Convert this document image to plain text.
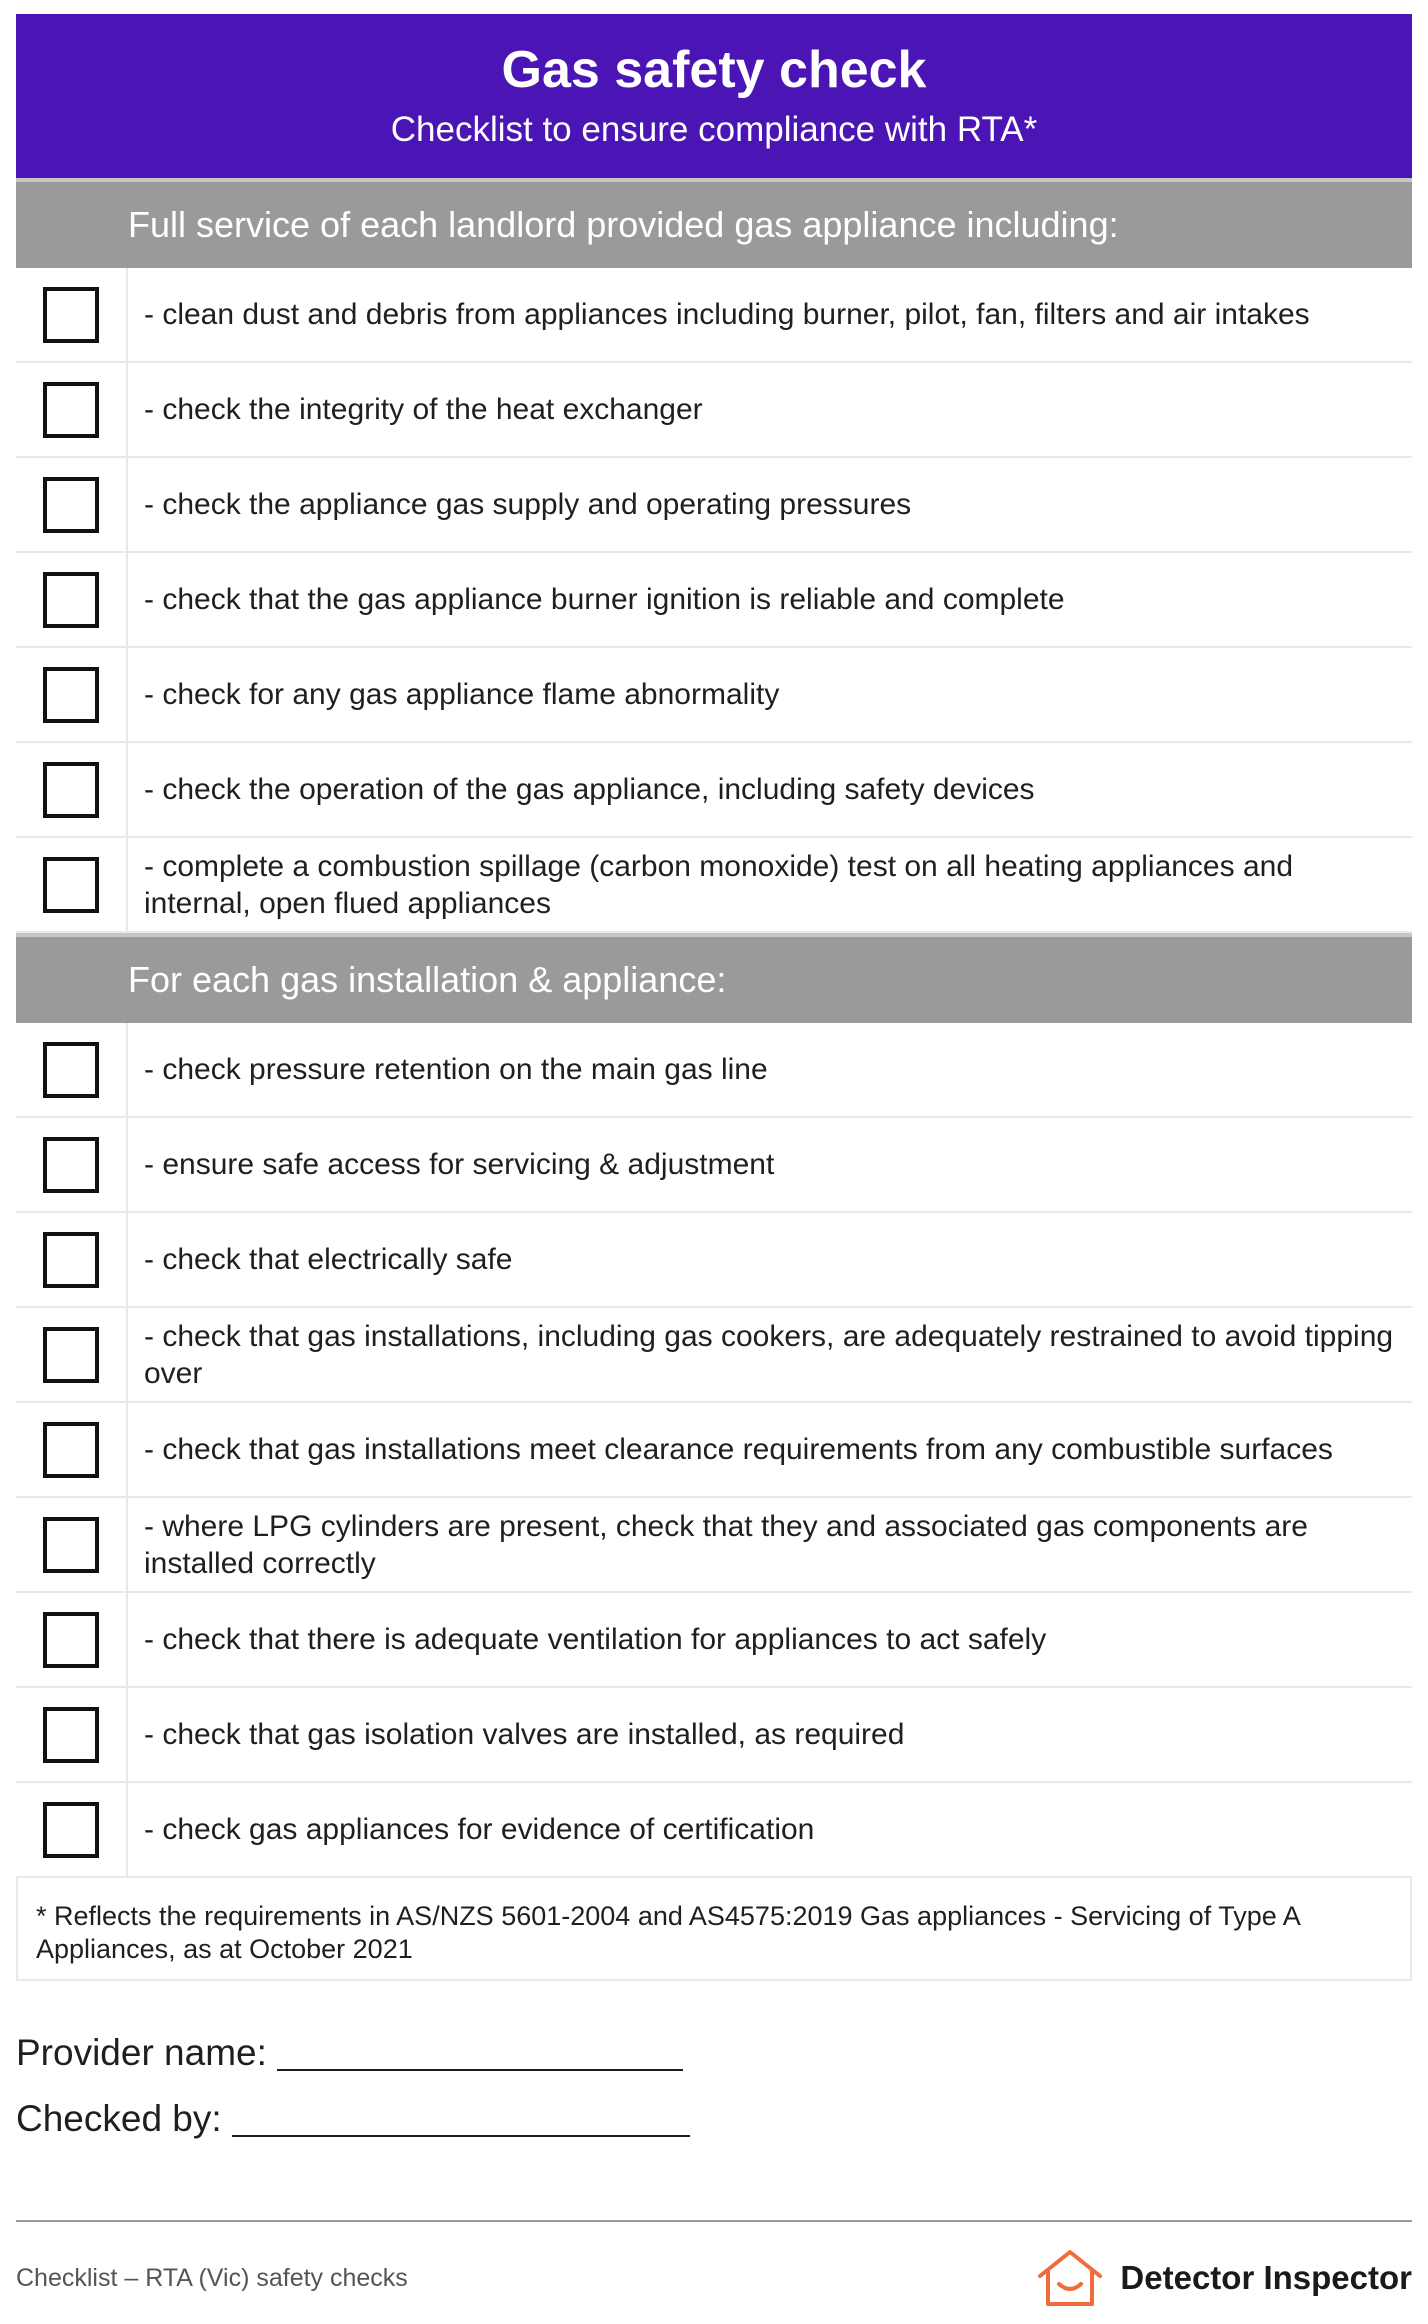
Gas safety check
Checklist to ensure compliance with RTA*
Full service of each landlord provided gas appliance including:
- clean dust and debris from appliances including burner, pilot, fan, filters and air intakes
- check the integrity of the heat exchanger
- check the appliance gas supply and operating pressures
- check that the gas appliance burner ignition is reliable and complete
- check for any gas appliance flame abnormality
- check the operation of the gas appliance, including safety devices
- complete a combustion spillage (carbon monoxide) test on all heating appliances and internal, open flued appliances
For each gas installation & appliance:
- check pressure retention on the main gas line
- ensure safe access for servicing & adjustment
- check that electrically safe
- check that gas installations, including gas cookers, are adequately restrained to avoid tipping over
- check that gas installations meet clearance requirements from any combustible surfaces
- where LPG cylinders are present, check that they and associated gas components are installed correctly
- check that there is adequate ventilation for appliances to act safely
- check that gas isolation valves are installed, as required
- check gas appliances for evidence of certification
* Reflects the requirements in AS/NZS 5601-2004 and AS4575:2019 Gas appliances - Servicing of Type A Appliances, as at October 2021
Provider name:
Checked by:
Checklist – RTA (Vic) safety checks	Detector Inspector
